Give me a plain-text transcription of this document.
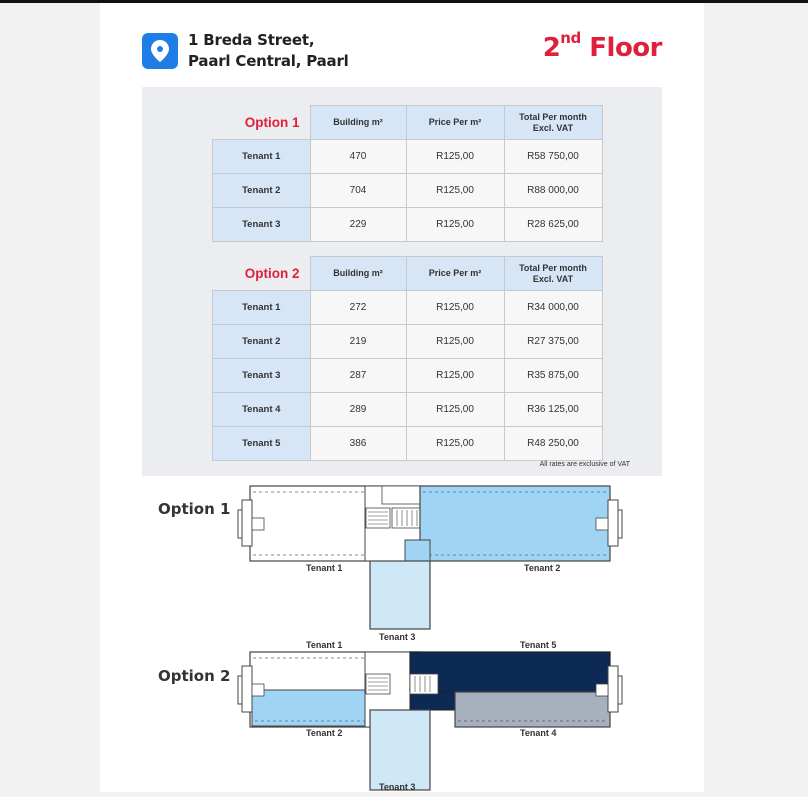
1 Breda Street,
Paarl Central, Paarl	2nd Floor
Option 1	Building m²	Price Per m²	Total Per month
Excl. VAT
Tenant 1	470	R125,00	R58 750,00
Tenant 2	704	R125,00	R88 000,00
Tenant 3	229	R125,00	R28 625,00
Option 2	Building m²	Price Per m²	Total Per month
Excl. VAT
Tenant 1	272	R125,00	R34 000,00
Tenant 2	219	R125,00	R27 375,00
Tenant 3	287	R125,00	R35 875,00
Tenant 4	289	R125,00	R36 125,00
Tenant 5	386	R125,00	R48 250,00
All rates are exclusive of VAT
Option 1
Option 2
Tenant 1	Tenant 2
Tenant 3
Tenant 1	Tenant 5
Tenant 2	Tenant 4
Tenant 3
